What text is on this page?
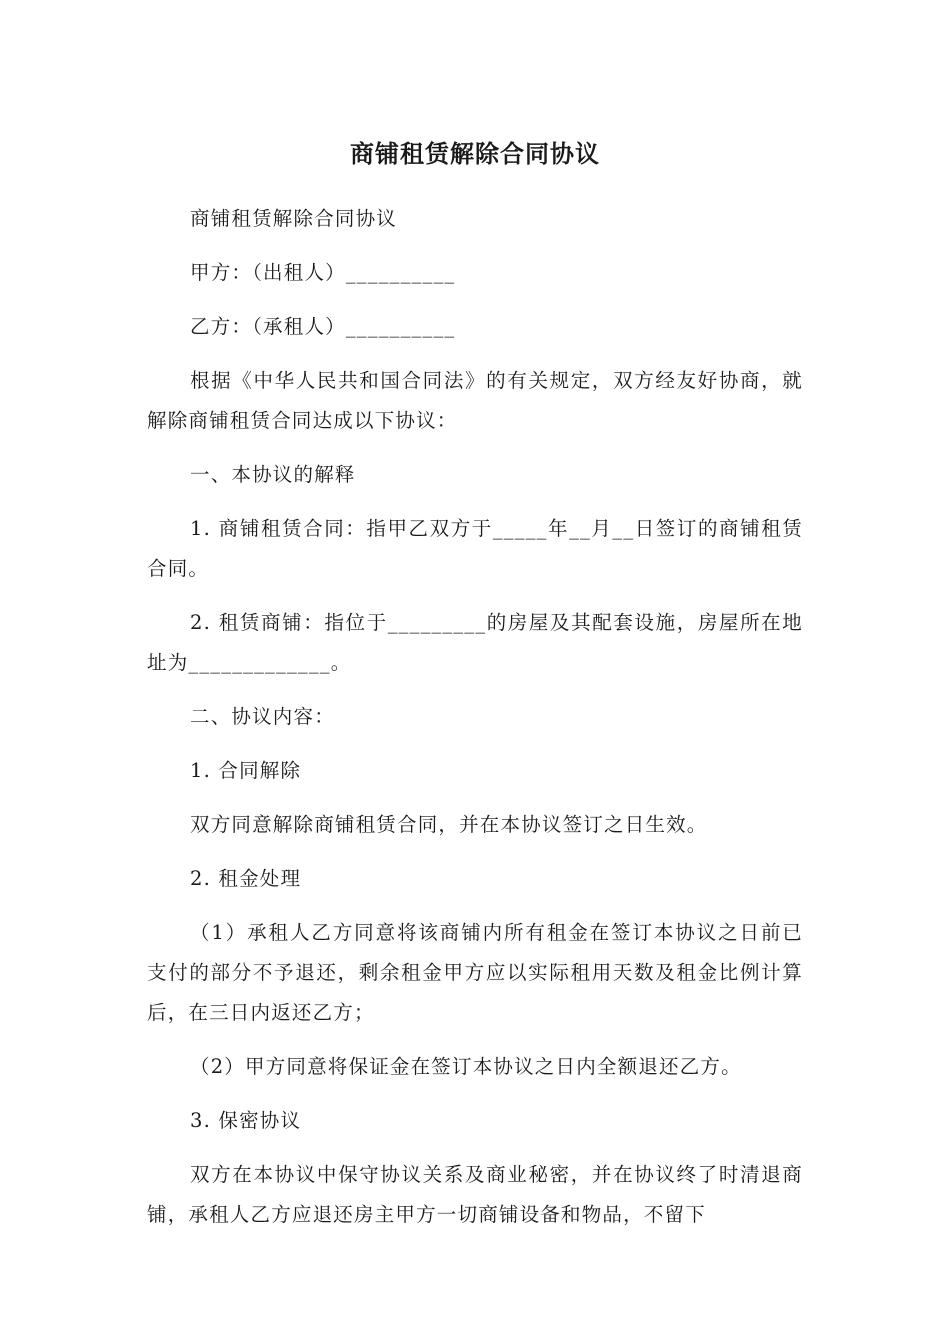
商铺租赁解除合同协议

商铺租赁解除合同协议

甲方：（出租人）__________

乙方：（承租人）__________

根据《中华人民共和国合同法》的有关规定，双方经友好协商，就解除商铺租赁合同达成以下协议：

一、本协议的解释

1. 商铺租赁合同：指甲乙双方于_____年__月__日签订的商铺租赁合同。

2. 租赁商铺：指位于_________的房屋及其配套设施，房屋所在地址为_____________。

二、协议内容：

1. 合同解除

双方同意解除商铺租赁合同，并在本协议签订之日生效。

2. 租金处理

（1）承租人乙方同意将该商铺内所有租金在签订本协议之日前已支付的部分不予退还，剩余租金甲方应以实际租用天数及租金比例计算后，在三日内返还乙方；

（2）甲方同意将保证金在签订本协议之日内全额退还乙方。

3. 保密协议

双方在本协议中保守协议关系及商业秘密，并在协议终了时清退商铺，承租人乙方应退还房主甲方一切商铺设备和物品，不留下
